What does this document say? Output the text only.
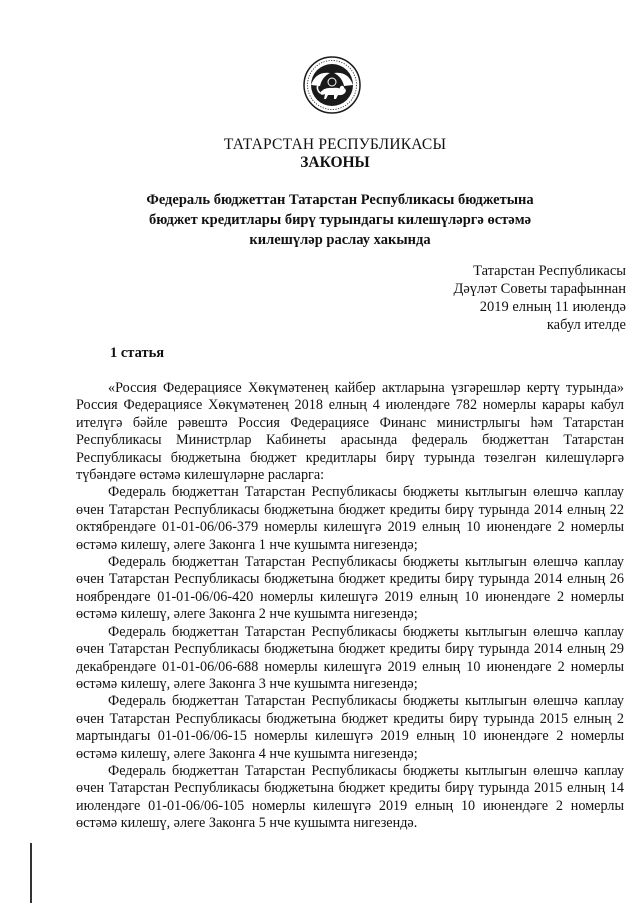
ТАТАРСТАН РЕСПУБЛИКАСЫ
ЗАКОНЫ
Федераль бюджеттан Татарстан Республикасы бюджетына
бюджет кредитлары бирү турындагы килешүләргә өстәмә
килешүләр раслау хакында
Татарстан Республикасы
Дәүләт Советы тарафыннан
2019 елның 11 июлендә
кабул ителде
1 статья

«Россия Федерациясе Хөкүмәтенең кайбер актларына үзгәрешләр кертү турында» Россия Федерациясе Хөкүмәтенең 2018 елның 4 июлендәге 782 номерлы карары кабул ителүгә бәйле рәвештә Россия Федерациясе Финанс министрлыгы һәм Татарстан Республикасы Министрлар Кабинеты арасында федераль бюджеттан Татарстан Республикасы бюджетына бюджет кредитлары бирү турында төзелгән килешүләргә түбәндәге өстәмә килешүләрне расларга:

Федераль бюджеттан Татарстан Республикасы бюджеты кытлыгын өлешчә каплау өчен Татарстан Республикасы бюджетына бюджет кредиты бирү турында 2014 елның 22 октябрендәге 01-01-06/06-379 номерлы килешүгә 2019 елның 10 июнендәге 2 номерлы өстәмә килешү, әлеге Законга 1 нче кушымта нигезендә;

Федераль бюджеттан Татарстан Республикасы бюджеты кытлыгын өлешчә каплау өчен Татарстан Республикасы бюджетына бюджет кредиты бирү турында 2014 елның 26 ноябрендәге 01-01-06/06-420 номерлы килешүгә 2019 елның 10 июнендәге 2 номерлы өстәмә килешү, әлеге Законга 2 нче кушымта нигезендә;

Федераль бюджеттан Татарстан Республикасы бюджеты кытлыгын өлешчә каплау өчен Татарстан Республикасы бюджетына бюджет кредиты бирү турында 2014 елның 29 декабрендәге 01-01-06/06-688 номерлы килешүгә 2019 елның 10 июнендәге 2 номерлы өстәмә килешү, әлеге Законга 3 нче кушымта нигезендә;

Федераль бюджеттан Татарстан Республикасы бюджеты кытлыгын өлешчә каплау өчен Татарстан Республикасы бюджетына бюджет кредиты бирү турында 2015 елның 2 мартындагы 01-01-06/06-15 номерлы килешүгә 2019 елның 10 июнендәге 2 номерлы өстәмә килешү, әлеге Законга 4 нче кушымта нигезендә;

Федераль бюджеттан Татарстан Республикасы бюджеты кытлыгын өлешчә каплау өчен Татарстан Республикасы бюджетына бюджет кредиты бирү турында 2015 елның 14 июлендәге 01-01-06/06-105 номерлы килешүгә 2019 елның 10 июнендәге 2 номерлы өстәмә килешү, әлеге Законга 5 нче кушымта нигезендә.
